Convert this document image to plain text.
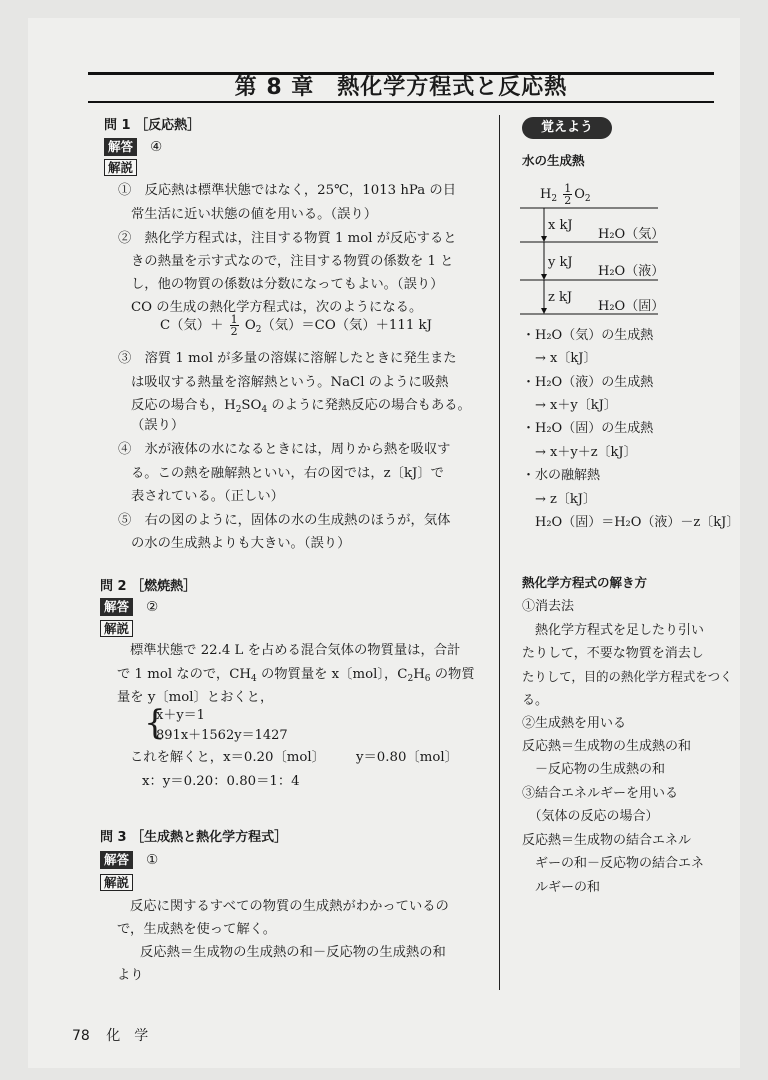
第 8 章　熱化学方程式と反応熱
問 1 ［反応熱］
解答 ④
解説
①　反応熱は標準状態ではなく，25℃，1013 hPa の日
常生活に近い状態の値を用いる。（誤り）
②　熱化学方程式は，注目する物質 1 mol が反応すると
きの熱量を示す式なので，注目する物質の係数を 1 と
し，他の物質の係数は分数になってもよい。（誤り）
CO の生成の熱化学方程式は，次のようになる。
C（気）＋ $\frac{1}{2} O_2$（気）＝CO（気）＋111 kJ
③　溶質 1 mol が多量の溶媒に溶解したときに発生また
は吸収する熱量を溶解熱という。NaCl のように吸熱
反応の場合も，$H_2SO_4$ のように発熱反応の場合もある。
（誤り）
④　氷が液体の水になるときには，周りから熱を吸収す
る。この熱を融解熱といい，右の図では，z〔kJ〕で
表されている。（正しい）
⑤　右の図のように，固体の水の生成熱のほうが，気体
の水の生成熱よりも大きい。（誤り）
問 2 ［燃焼熱］
解答 ②
解説
標準状態で 22.4 L を占める混合気体の物質量は，合計
で 1 mol なので，$CH_4$ の物質量を x〔mol〕，$C_2H_6$ の物質
量を y〔mol〕とおくと，
{
x＋y＝1
891x＋1562y＝1427
これを解くと，x＝0.20〔mol〕 y＝0.80〔mol〕
x：y＝0.20：0.80＝1：4
問 3 ［生成熱と熱化学方程式］
解答 ①
解説
反応に関するすべての物質の生成熱がわかっているの
で，生成熱を使って解く。
反応熱＝生成物の生成熱の和－反応物の生成熱の和
より
覚えよう
水の生成熱
$H_2 \frac{1}{2} O_2$
x kJ
y kJ
z kJ
H₂O（気）
H₂O（液）
H₂O（固）
・H₂O（気）の生成熱
　→ x〔kJ〕
・H₂O（液）の生成熱
　→ x＋y〔kJ〕
・H₂O（固）の生成熱
　→ x＋y＋z〔kJ〕
・水の融解熱
　→ z〔kJ〕
　H₂O（固）＝H₂O（液）－z〔kJ〕
熱化学方程式の解き方
①消去法
　熱化学方程式を足したり引い
たりして，不要な物質を消去し
たりして，目的の熱化学方程式をつく
る。
②生成熱を用いる
反応熱＝生成物の生成熱の和
　－反応物の生成熱の和
③結合エネルギーを用いる
　（気体の反応の場合）
反応熱＝生成物の結合エネル
　ギーの和－反応物の結合エネ
　ルギーの和
78 化　学
